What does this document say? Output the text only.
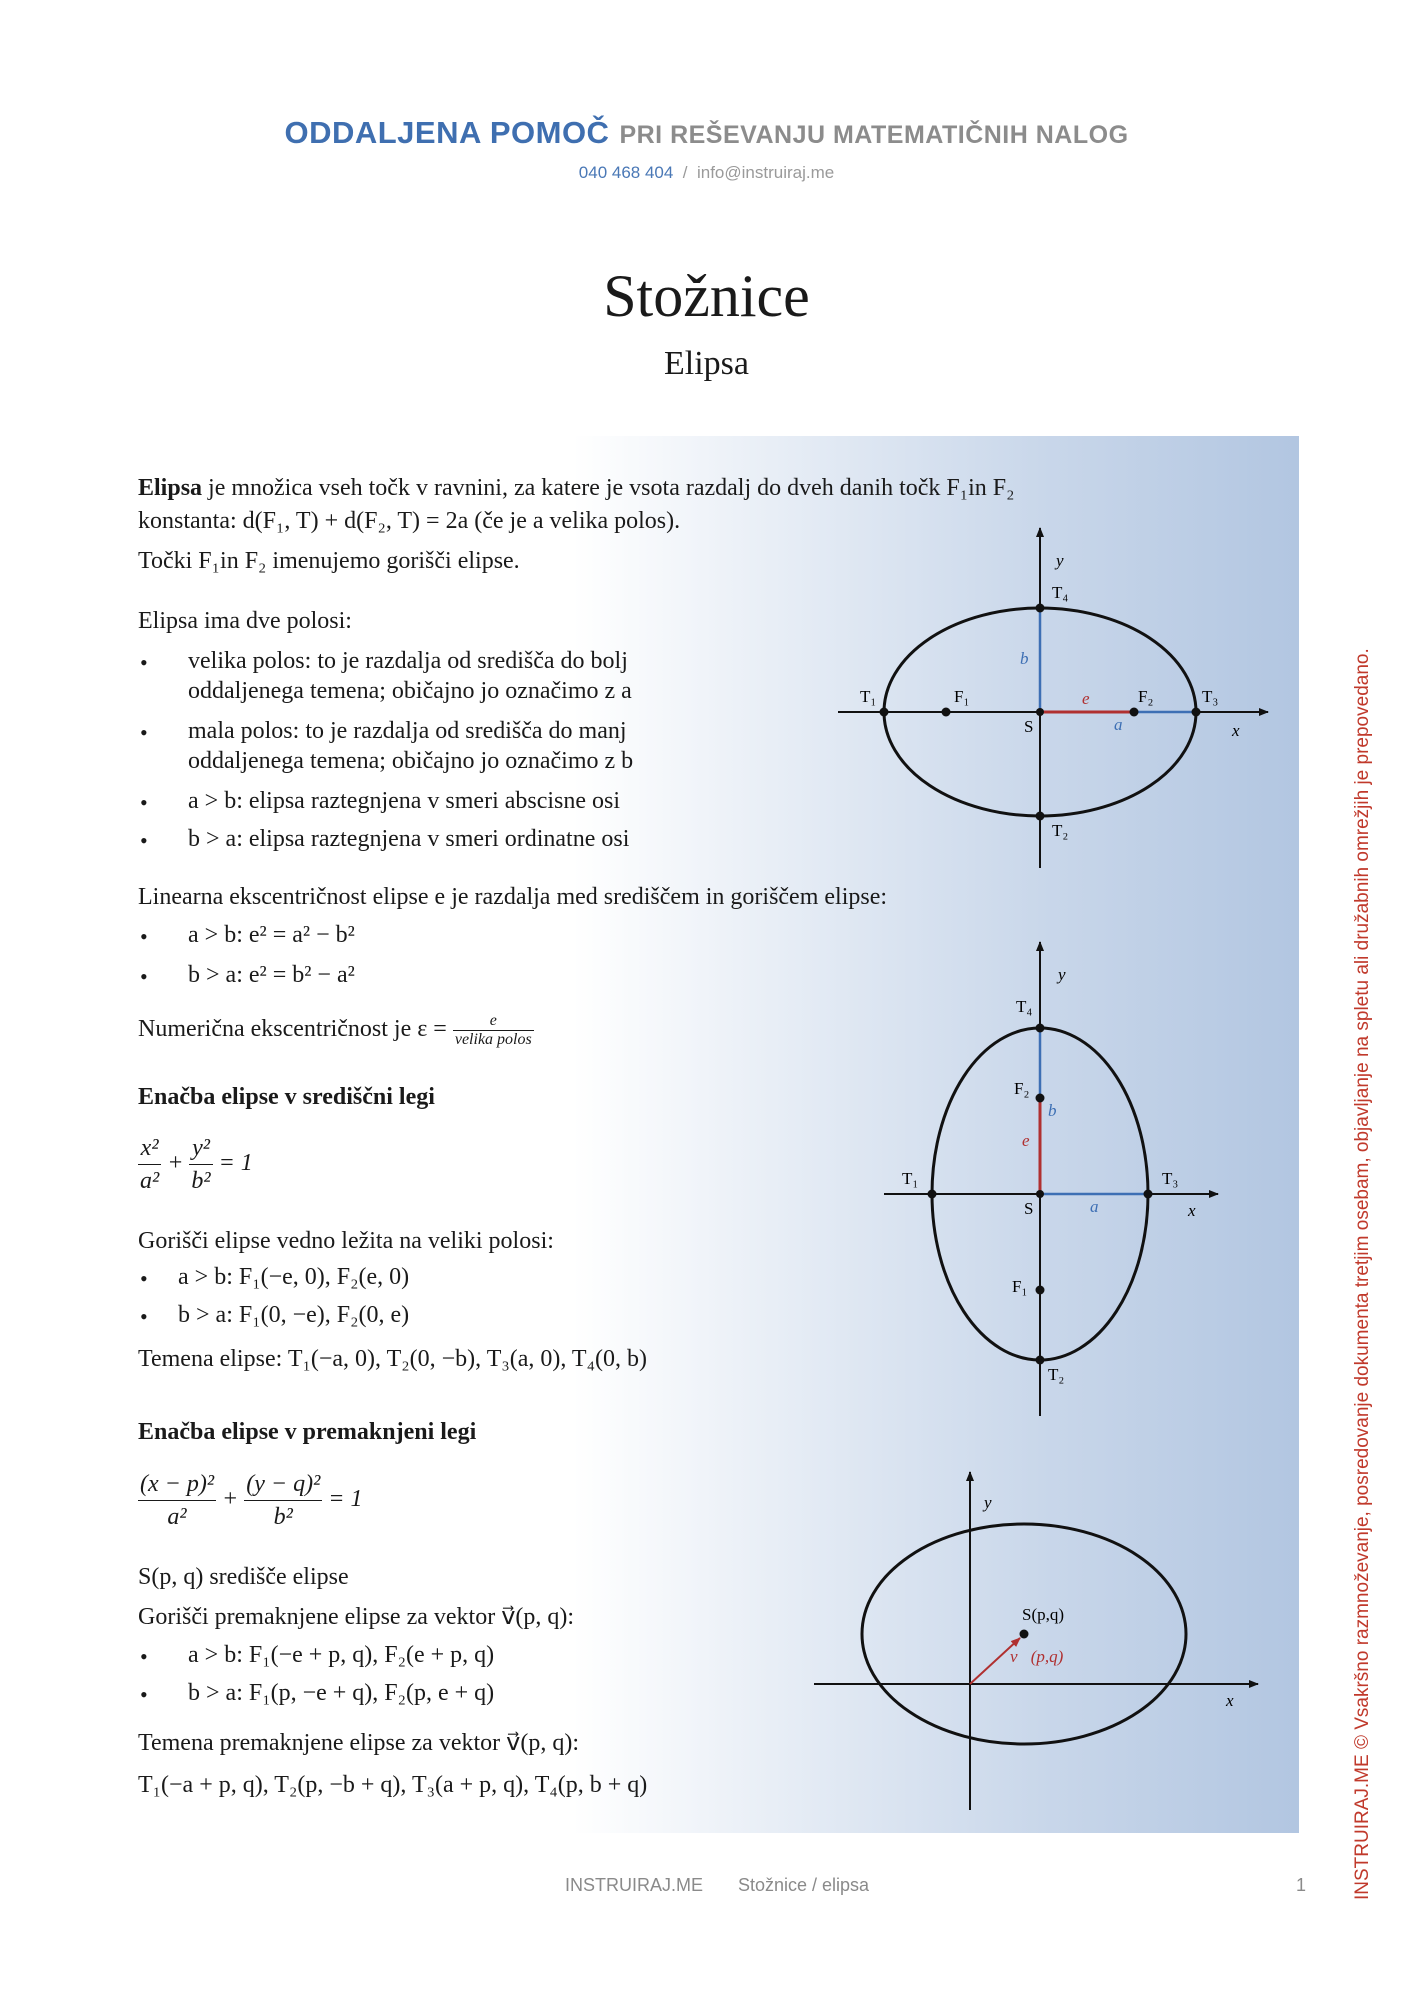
ODDALJENA POMOČ PRI REŠEVANJU MATEMATIČNIH NALOG
040 468 404 / info@instruiraj.me
Stožnice
Elipsa
Elipsa je množica vseh točk v ravnini, za katere je vsota razdalj do dveh danih točk F₁in F₂
konstanta: d(F₁, T) + d(F₂, T) = 2a (če je a velika polos).
Točki F₁in F₂ imenujemo gorišči elipse.
Elipsa ima dve polosi:
• velika polos: to je razdalja od središča do bolj
oddaljenega temena; običajno jo označimo z a
• mala polos: to je razdalja od središča do manj
oddaljenega temena; običajno jo označimo z b
• a > b: elipsa raztegnjena v smeri abscisne osi
• b > a: elipsa raztegnjena v smeri ordinatne osi
Linearna ekscentričnost elipse e je razdalja med središčem in goriščem elipse:
• a > b: e² = a² − b²
• b > a: e² = b² − a²
Numerična ekscentričnost je $\varepsilon = \frac{e}{\text{velika polos}}$
Enačba elipse v središčni legi
$\frac{\text{x²}}{\text{a²}} + \frac{\text{y²}}{\text{b²}} = 1$
Gorišči elipse vedno ležita na veliki polosi:
• a > b: F₁(−e, 0), F₂(e, 0)
• b > a: F₁(0, −e), F₂(0, e)
Temena elipse: T₁(−a, 0), T₂(0, −b), T₃(a, 0), T₄(0, b)
Enačba elipse v premaknjeni legi
$\frac{\text{(x − p)²}}{\text{a²}} + \frac{\text{(y − q)²}}{\text{b²}} = 1$
S(p, q) središče elipse
Gorišči premaknjene elipse za vektor v⃗(p, q):
• a > b: F₁(−e + p, q), F₂(e + p, q)
• b > a: F₁(p, −e + q), F₂(p, e + q)
Temena premaknjene elipse za vektor v⃗(p, q):
T₁(−a + p, q), T₂(p, −b + q), T₃(a + p, q), T₄(p, b + q)
y
x
T₄
T₂
T₁	T₃
F₁	F₂
S
b
e
a
y
x
T₄
T₂
T₁	T₃
F₂
F₁
S
b
e
a
y
x
S(p,q)
v⃗(p,q)
INSTRUIRAJ.ME Stožnice / elipsa	1 INSTRUIRAJ.ME © Vsakršno razmnoževanje, posredovanje dokumenta tretjim osebam, objavljanje na spletu ali družabnih omrežjih je prepovedano.
